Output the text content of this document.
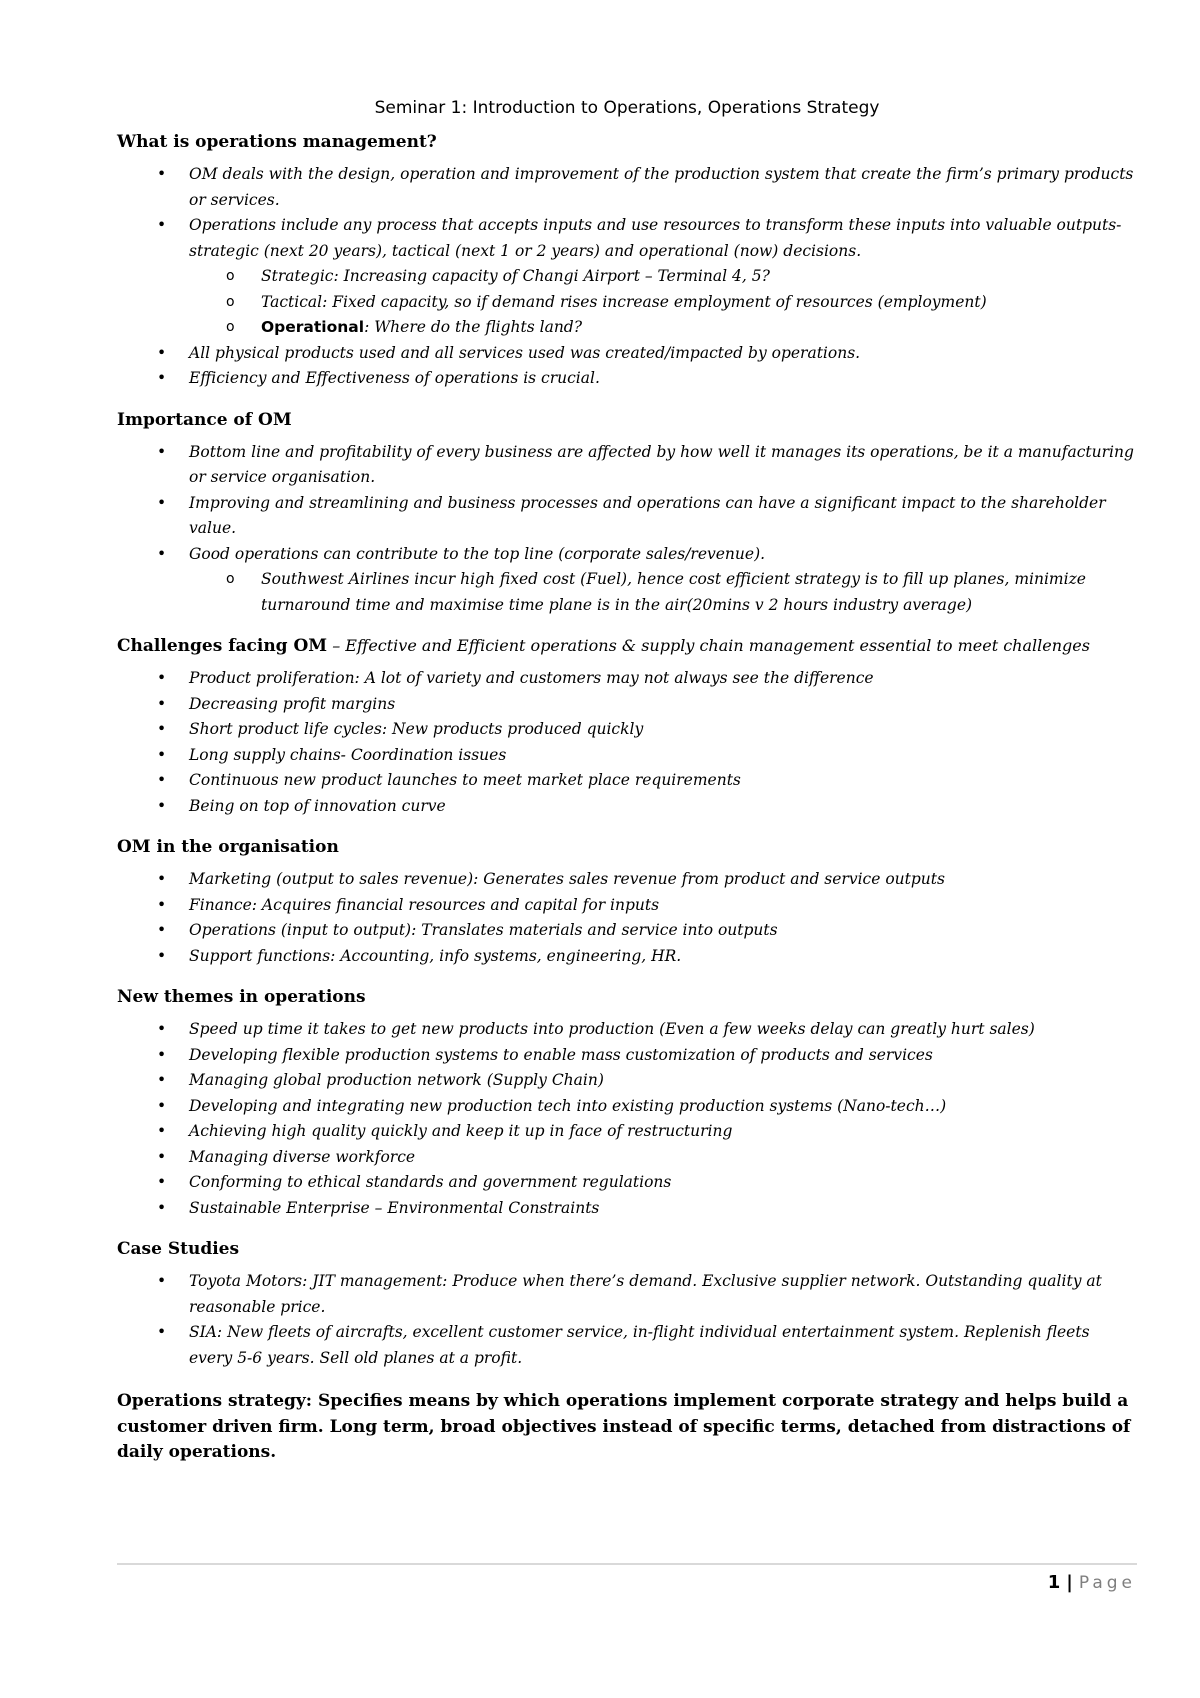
Seminar 1: Introduction to Operations, Operations Strategy
What is operations management?
• OM deals with the design, operation and improvement of the production system that create the firm’s primary products or services.
• Operations include any process that accepts inputs and use resources to transform these inputs into valuable outputs- strategic (next 20 years), tactical (next 1 or 2 years) and operational (now) decisions.
o Strategic: Increasing capacity of Changi Airport – Terminal 4, 5?
o Tactical: Fixed capacity, so if demand rises increase employment of resources (employment)
o Operational: Where do the flights land?
• All physical products used and all services used was created/impacted by operations.
• Efficiency and Effectiveness of operations is crucial.
Importance of OM
• Bottom line and profitability of every business are affected by how well it manages its operations, be it a manufacturing or service organisation.
• Improving and streamlining and business processes and operations can have a significant impact to the shareholder value.
• Good operations can contribute to the top line (corporate sales/revenue).
o Southwest Airlines incur high fixed cost (Fuel), hence cost efficient strategy is to fill up planes, minimize turnaround time and maximise time plane is in the air(20mins v 2 hours industry average)
Challenges facing OM – Effective and Efficient operations & supply chain management essential to meet challenges
• Product proliferation: A lot of variety and customers may not always see the difference
• Decreasing profit margins
• Short product life cycles: New products produced quickly
• Long supply chains- Coordination issues
• Continuous new product launches to meet market place requirements
• Being on top of innovation curve
OM in the organisation
• Marketing (output to sales revenue): Generates sales revenue from product and service outputs
• Finance: Acquires financial resources and capital for inputs
• Operations (input to output): Translates materials and service into outputs
• Support functions: Accounting, info systems, engineering, HR.
New themes in operations
• Speed up time it takes to get new products into production (Even a few weeks delay can greatly hurt sales)
• Developing flexible production systems to enable mass customization of products and services
• Managing global production network (Supply Chain)
• Developing and integrating new production tech into existing production systems (Nano-tech…)
• Achieving high quality quickly and keep it up in face of restructuring
• Managing diverse workforce
• Conforming to ethical standards and government regulations
• Sustainable Enterprise – Environmental Constraints
Case Studies
• Toyota Motors: JIT management: Produce when there’s demand. Exclusive supplier network. Outstanding quality at reasonable price.
• SIA: New fleets of aircrafts, excellent customer service, in-flight individual entertainment system. Replenish fleets every 5-6 years. Sell old planes at a profit.
Operations strategy: Specifies means by which operations implement corporate strategy and helps build a customer driven firm. Long term, broad objectives instead of specific terms, detached from distractions of daily operations.
1 | Page
